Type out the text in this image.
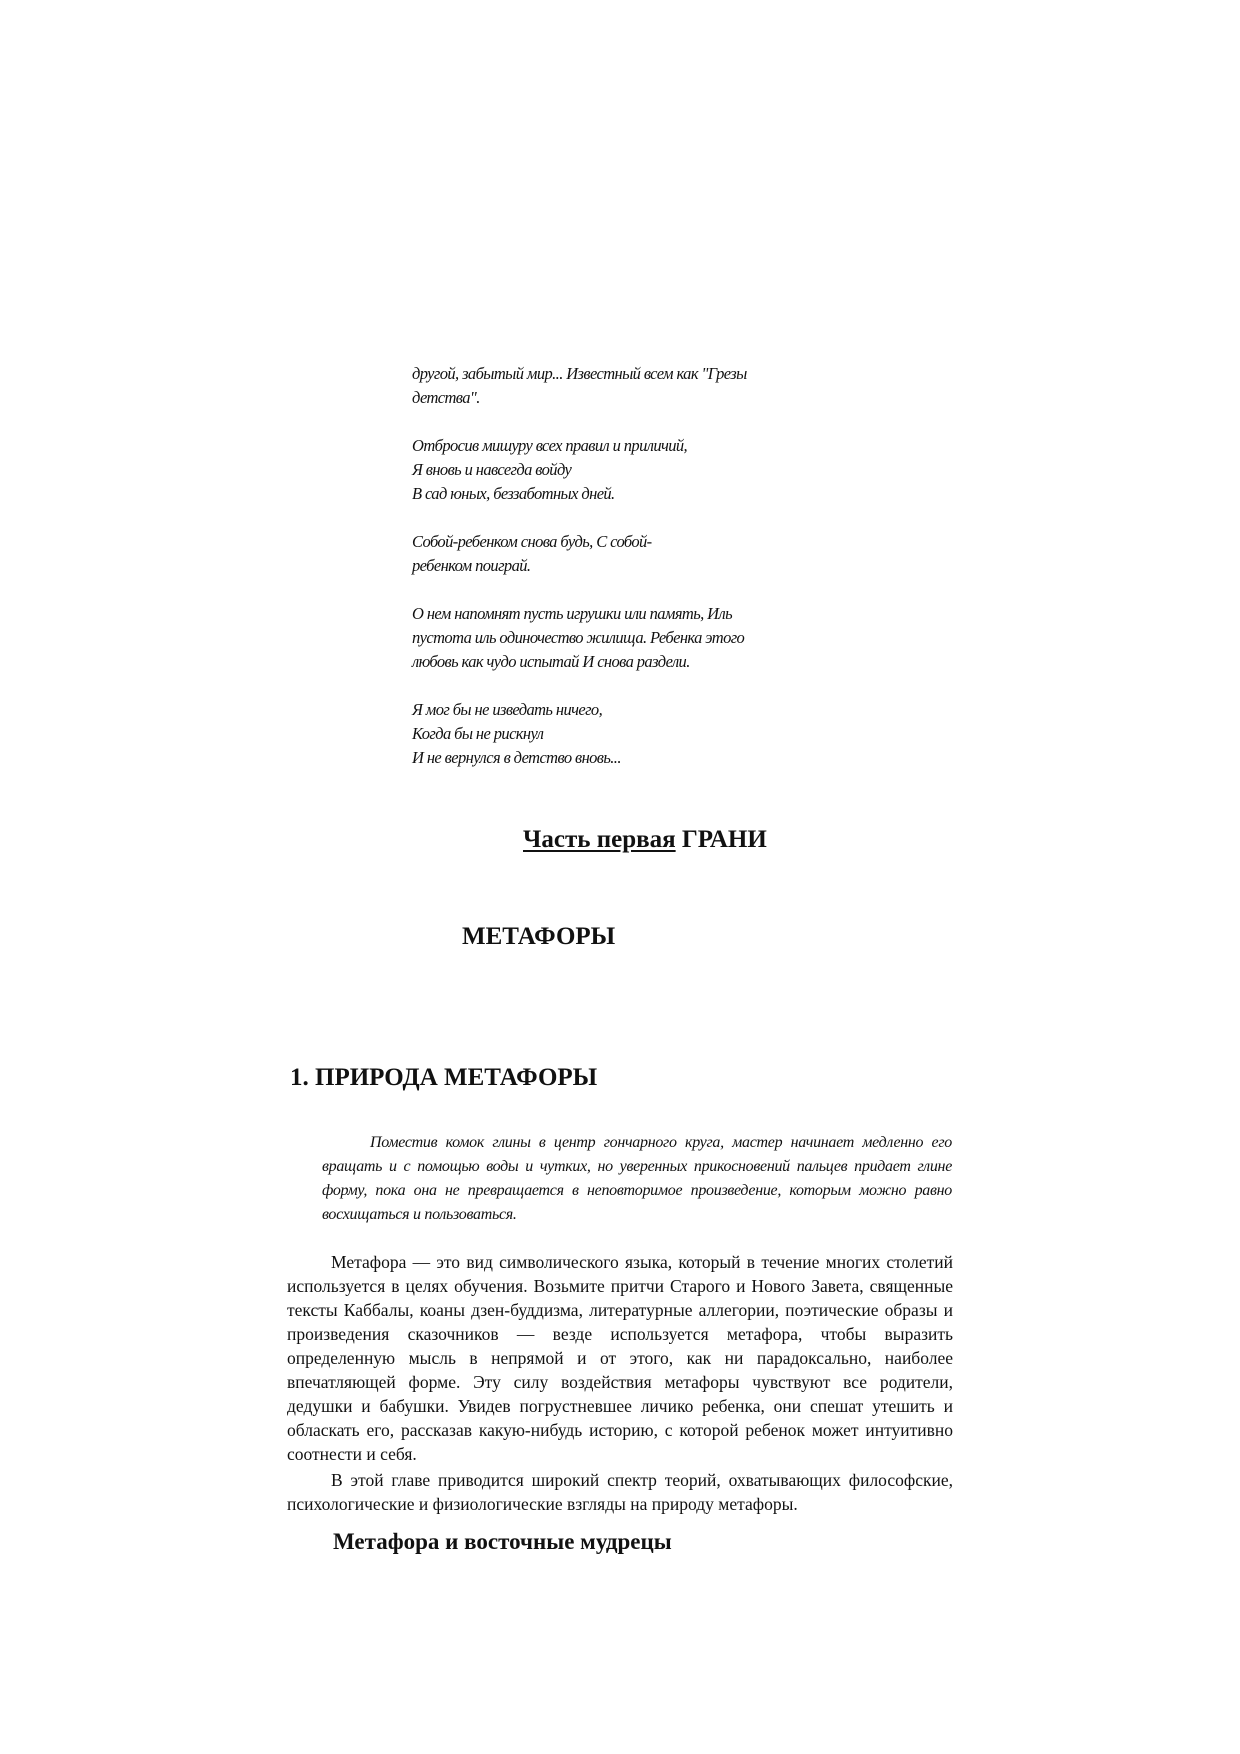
другой, забытый мир... Известный всем как "Грезы
детства".
Отбросив мишуру всех правил и приличий,
Я вновь и навсегда войду
В сад юных, беззаботных дней.
Собой-ребенком снова будь, С собой-
ребенком поиграй.
О нем напомнят пусть игрушки или память, Иль
пустота иль одиночество жилища. Ребенка этого
любовь как чудо испытай И снова раздели.
Я мог бы не изведать ничего,
Когда бы не рискнул
И не вернулся в детство вновь...
Часть первая ГРАНИ
МЕТАФОРЫ
1. ПРИРОДА МЕТАФОРЫ

Поместив комок глины в центр гончарного круга, мастер начинает медленно его вращать и с помощью воды и чутких, но уверенных прикосновений пальцев придает глине форму, пока она не превращается в неповторимое произведение, которым можно равно восхищаться и пользоваться.

Метафора — это вид символического языка, который в течение многих столетий используется в целях обучения. Возьмите притчи Старого и Нового Завета, священные тексты Каббалы, коаны дзен-буддизма, литературные аллегории, поэтические образы и произведения сказочников — везде используется метафора, чтобы выразить определенную мысль в непрямой и от этого, как ни парадоксально, наиболее впечатляющей форме. Эту силу воздействия метафоры чувствуют все родители, дедушки и бабушки. Увидев погрустневшее личико ребенка, они спешат утешить и обласкать его, рассказав какую-нибудь историю, с которой ребенок может интуитивно соотнести и себя.

В этой главе приводится широкий спектр теорий, охватывающих философские, психологические и физиологические взгляды на природу метафоры.

Метафора и восточные мудрецы
